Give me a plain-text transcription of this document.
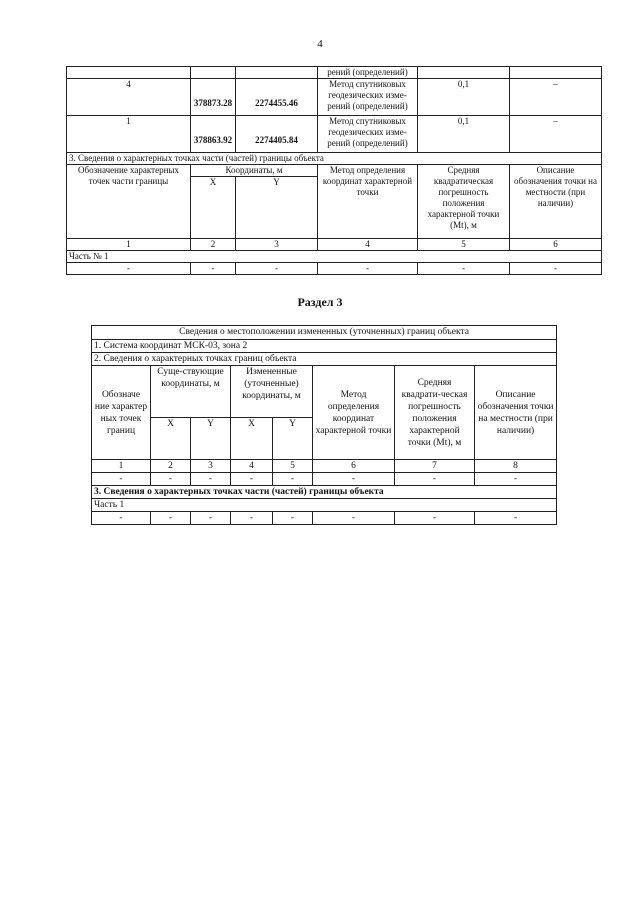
4
			рений (определений)		
4	378873.28	2274455.46	Метод спутниковых геодезических изме-рений (определений)	0,1	–
1	378863.92	2274405.84	Метод спутниковых геодезических изме-рений (определений)	0,1	–
3. Сведения о характерных точках части (частей) границы объекта					
Обозначение характерных точек части границы	Координаты, м		Метод определения координат характерной точки	Средняя квадратическая погрешность положения характерной точки (Mt), м	Описание обозначения точки на местности (при наличии)
	X	Y			
1	2	3	4	5	6
Часть № 1					
-	-	-	-	-	-
Раздел 3
Сведения о местоположении измененных (уточненных) границ объекта							
1. Система координат МСК-03, зона 2							
2. Сведения о характерных точках границ объекта							
Обозначе ние характер ных точек границ	Суще-ствующие координаты, м		Измененные (уточненные) координаты, м		Метод определения координат характерной точки	Средняя квадрати-ческая погрешность положения характерной точки (Mt), м	Описание обозначения точки на местности (при наличии)
	X	Y	X	Y			
1	2	3	4	5	6	7	8
-	-	-	-	-	-	-	-
3. Сведения о характерных точках части (частей) границы объекта							
Часть 1							
-	-	-	-	-	-	-	-
